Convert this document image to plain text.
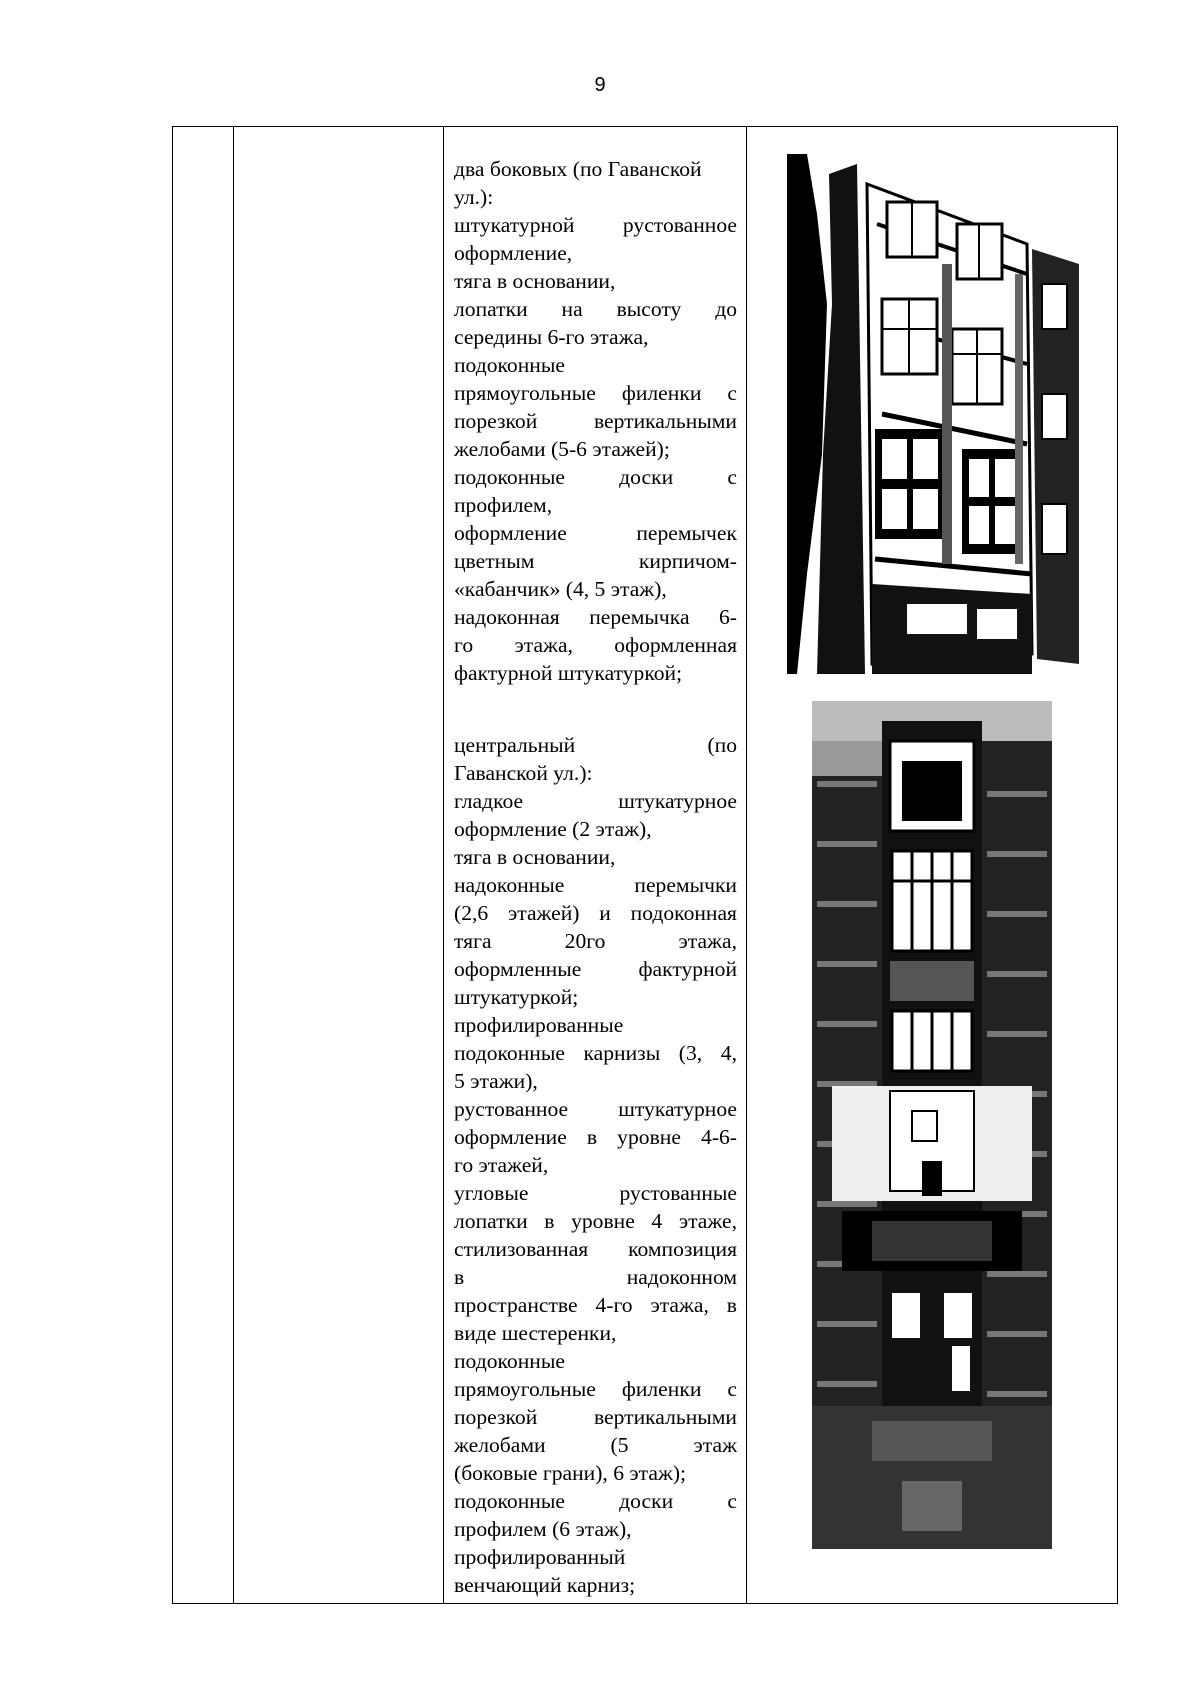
9

два боковых (по Гаванской
ул.):
штукатурной рустованное
оформление,
тяга в основании,
лопатки на высоту до
середины 6-го этажа,
подоконные
прямоугольные филенки с
порезкой вертикальными
желобами (5-6 этажей);
подоконные доски с
профилем,
оформление перемычек
цветным кирпичом-
«кабанчик» (4, 5 этаж),
надоконная перемычка 6-
го этажа, оформленная
фактурной штукатуркой;
центральный (по
Гаванской ул.):
гладкое штукатурное
оформление (2 этаж),
тяга в основании,
надоконные перемычки
(2,6 этажей) и подоконная
тяга 20го этажа,
оформленные фактурной
штукатуркой;
профилированные
подоконные карнизы (3, 4,
5 этажи),
рустованное штукатурное
оформление в уровне 4-6-
го этажей,
угловые рустованные
лопатки в уровне 4 этаже,
стилизованная композиция
в надоконном
пространстве 4-го этажа, в
виде шестеренки,
подоконные
прямоугольные филенки с
порезкой вертикальными
желобами (5 этаж
(боковые грани), 6 этаж);
подоконные доски с
профилем (6 этаж),
профилированный
венчающий карниз;
